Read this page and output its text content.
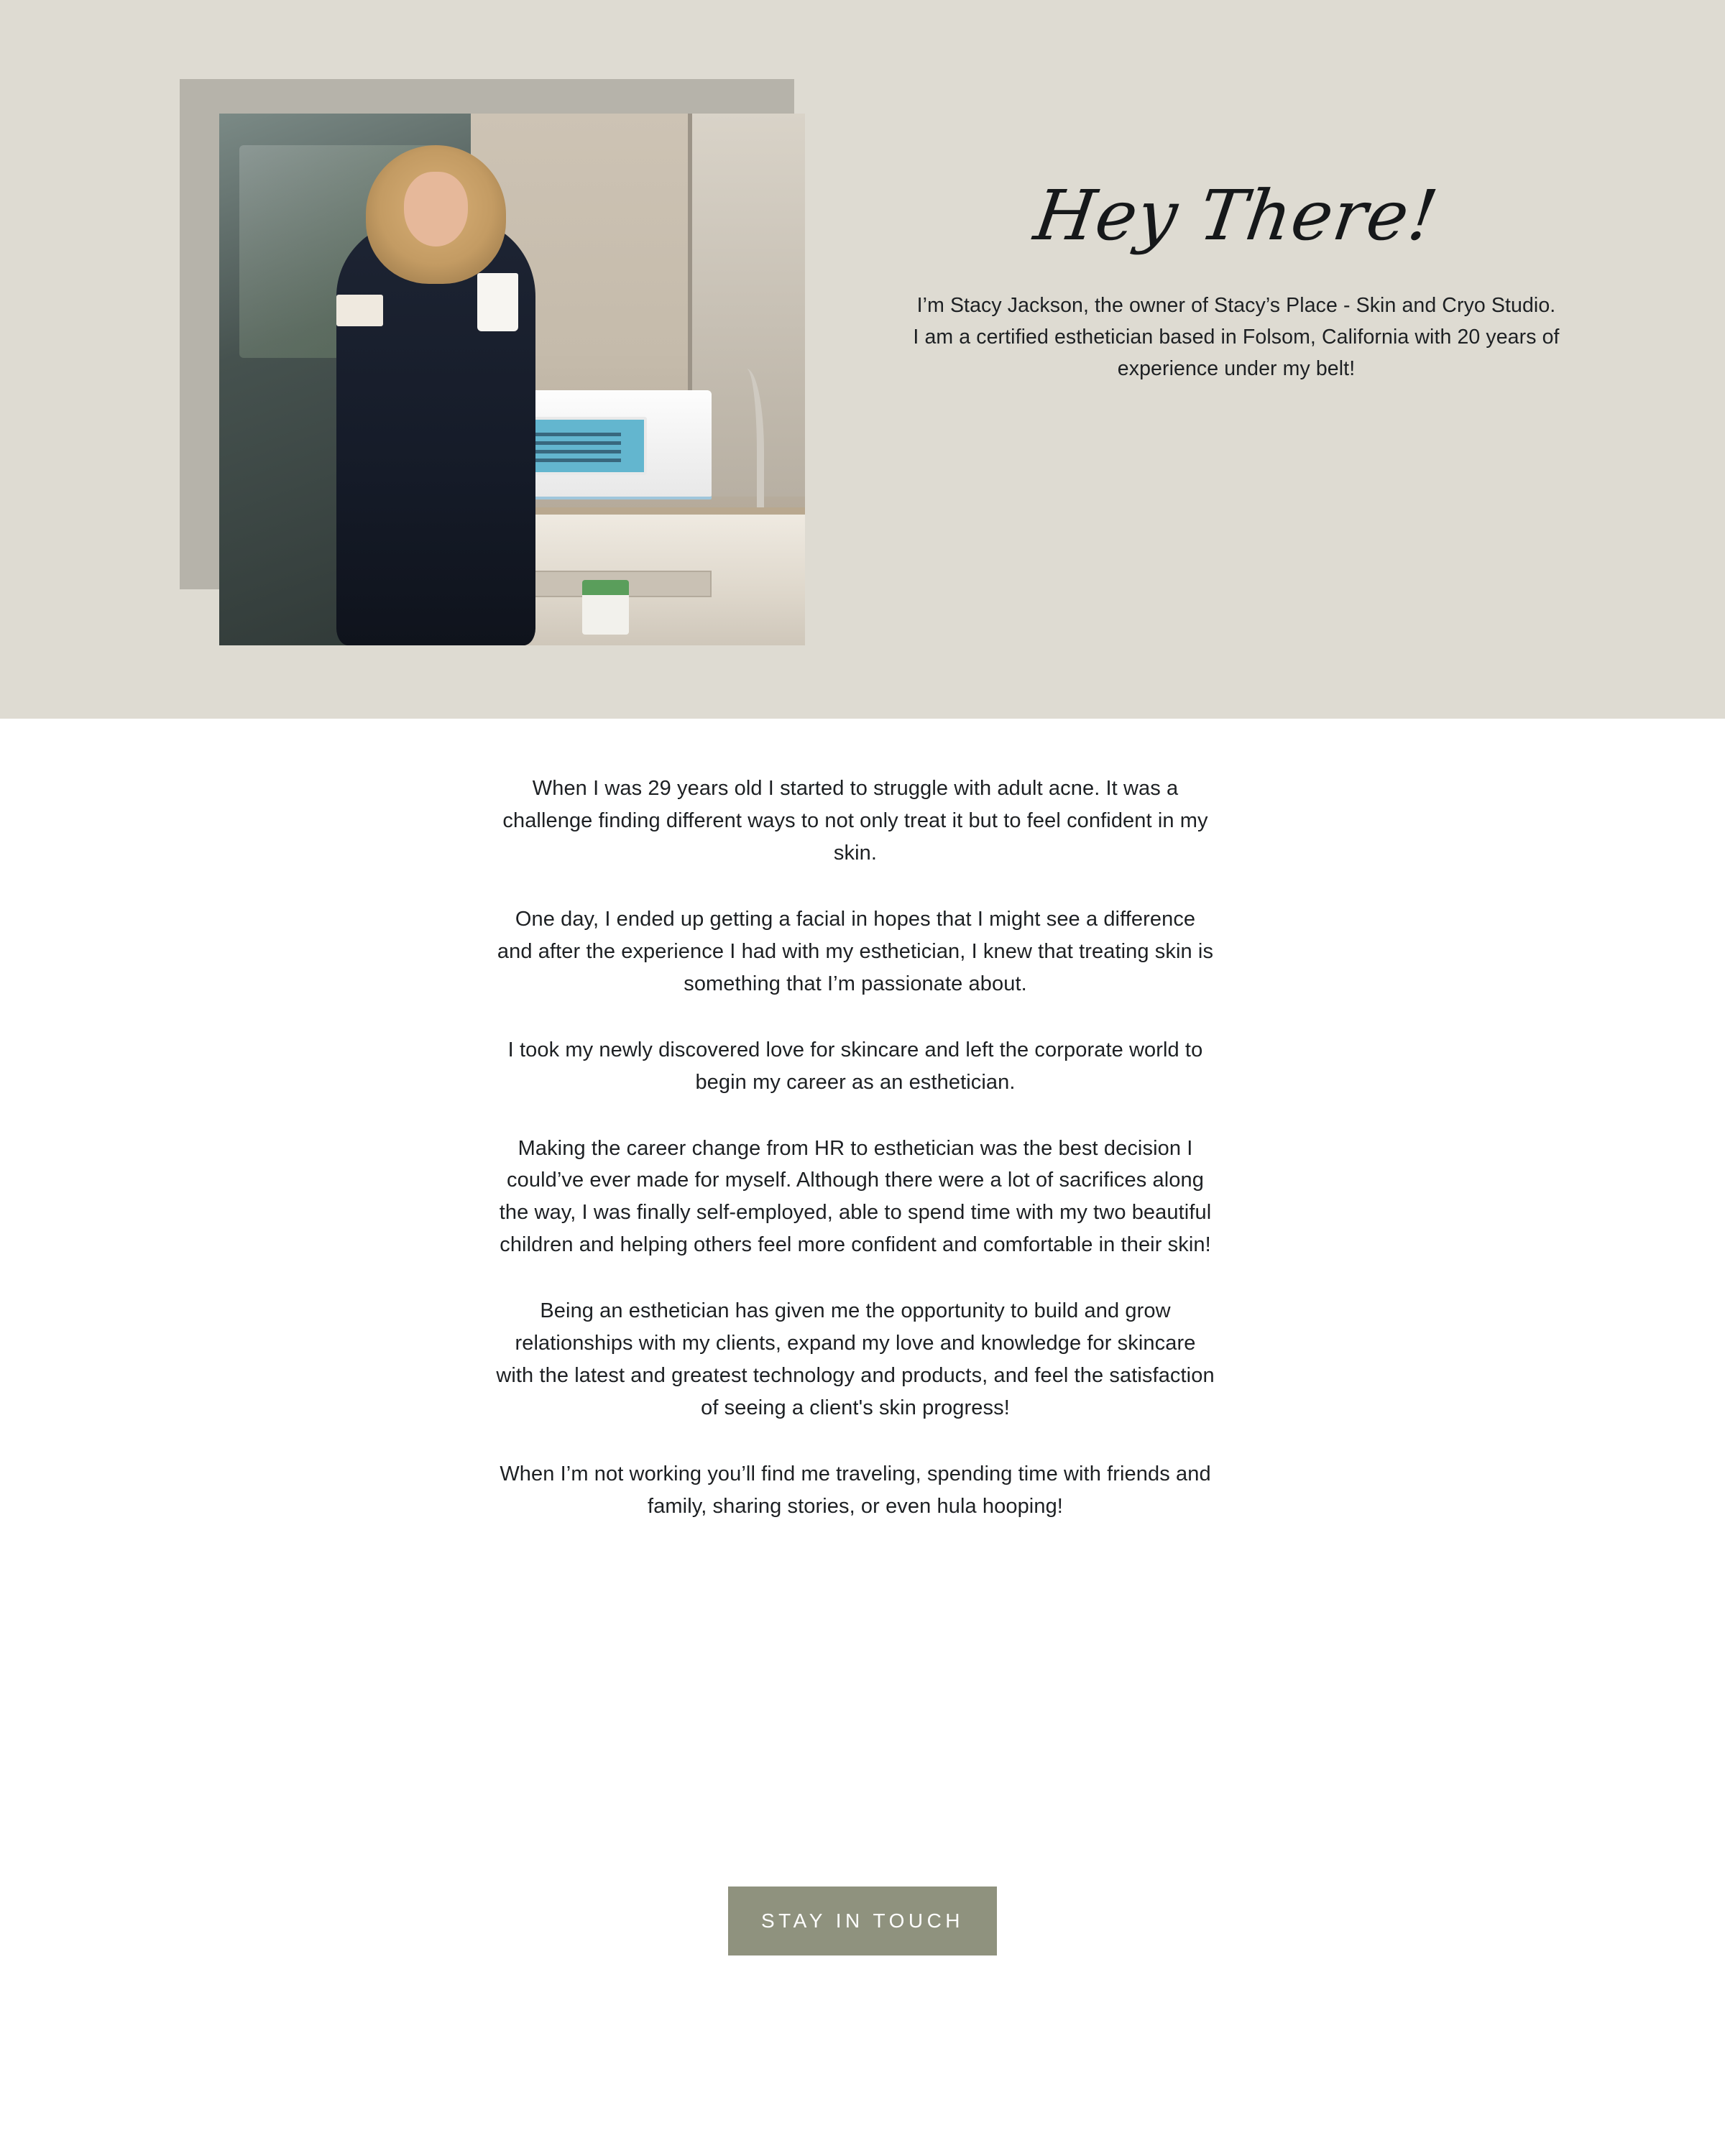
Hey There!

I’m Stacy Jackson, the owner of Stacy’s Place - Skin and Cryo Studio. I am a certified esthetician based in Folsom, California with 20 years of experience under my belt!

When I was 29 years old I started to struggle with adult acne. It was a challenge finding different ways to not only treat it but to feel confident in my skin.

One day, I ended up getting a facial in hopes that I might see a difference and after the experience I had with my esthetician, I knew that treating skin is something that I’m passionate about.

I took my newly discovered love for skincare and left the corporate world to begin my career as an esthetician.

Making the career change from HR to esthetician was the best decision I could’ve ever made for myself. Although there were a lot of sacrifices along the way, I was finally self-employed, able to spend time with my two beautiful children and helping others feel more confident and comfortable in their skin!

Being an esthetician has given me the opportunity to build and grow relationships with my clients, expand my love and knowledge for skincare with the latest and greatest technology and products, and feel the satisfaction of seeing a client's skin progress!

When I’m not working you’ll find me traveling, spending time with friends and family, sharing stories, or even hula hooping!

STAY IN TOUCH
